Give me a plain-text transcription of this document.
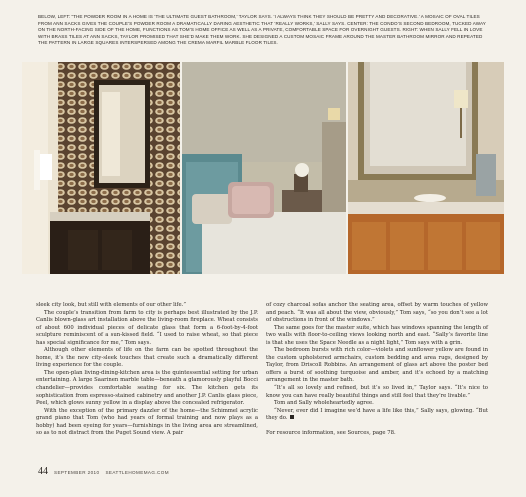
BELOW, LEFT: “THE POWDER ROOM IN A HOME IS ‘THE ULTIMATE GUEST BATHROOM,’ TAYLOR SAYS. ‘I ALWAYS THINK THEY SHOULD BE PRETTY AND DECORATIVE.’ A MOSAIC OF OVAL TILES FROM ANN SACKS GIVES THE COUPLE’S POWDER ROOM A DRAMATICALLY DARING AESTHETIC THAT ‘REALLY WORKS,’ SALLY SAYS. CENTER: THE CONDO’S SECOND BEDROOM, TUCKED AWAY ON THE NORTH-FACING SIDE OF THE HOME, FUNCTIONS AS TOM’S HOME OFFICE AS WELL AS A PRIVATE, COMFORTABLE SPACE FOR OVERNIGHT GUESTS. RIGHT: WHEN SALLY FELL IN LOVE WITH BRASS TILES AT ANN SACKS, TAYLOR PROMISED THAT SHE’D MAKE THEM WORK. SHE DESIGNED A CUSTOM MOSAIC FRAME AROUND THE MASTER BATHROOM MIRROR AND REPEATED THE PATTERN IN LARGE SQUARES INTERSPERSED AMONG THE CREMA MARFIL MARBLE FLOOR TILES.

sleek city look, but still with elements of our other life.”

The couple’s transition from farm to city is perhaps best illustrated by the J.P. Canlis blown-glass art installation above the living-room fireplace. Wheat consists of about 600 individual pieces of delicate glass that form a 6-foot-by-4-foot sculpture reminiscent of a sun-kissed field. “I used to raise wheat, so that piece has special significance for me,” Tom says.

Although other elements of life on the farm can be spotted throughout the home, it’s the new city-sleek touches that create such a dramatically different living experience for the couple.

The open-plan living-dining-kitchen area is the quintessential setting for urban entertaining. A large Saarinen marble table—beneath a glamorously playful Bocci chandelier—provides comfortable seating for six. The kitchen gets its sophistication from espresso-stained cabinetry and another J.P. Canlis glass piece, Peel, which glows sunny yellow in a display above the concealed refrigerator.

With the exception of the primary dazzler of the home—the Schimmel acrylic grand piano that Tom (who had years of formal training and now plays as a hobby) had been eyeing for years—furnishings in the living area are streamlined, so as to not distract from the Puget Sound view. A pair

of cozy charcoal sofas anchor the seating area, offset by warm touches of yellow and peach. “It was all about the view, obviously,” Tom says, “so you don’t see a lot of obstructions in front of the windows.”

The same goes for the master suite, which has windows spanning the length of two walls with floor-to-ceiling views looking north and east. “Sally’s favorite line is that she uses the Space Needle as a night light,” Tom says with a grin.

The bedroom bursts with rich color—violets and sunflower yellow are found in the custom upholstered armchairs, custom bedding and area rugs, designed by Taylor, from Driscoll Robbins. An arrangement of glass art above the poster bed offers a burst of soothing turquoise and amber, and it’s echoed by a matching arrangement in the master bath.

“It’s all so lovely and refined, but it’s so lived in,” Taylor says. “It’s nice to know you can have really beautiful things and still feel that they’re livable.”

Tom and Sally wholeheartedly agree.

“Never, ever did I imagine we’d have a life like this,” Sally says, glowing. “But they do.

For resource information, see Sources, page 78.

44 SEPTEMBER 2010 SEATTLEHOMEMAG.COM
